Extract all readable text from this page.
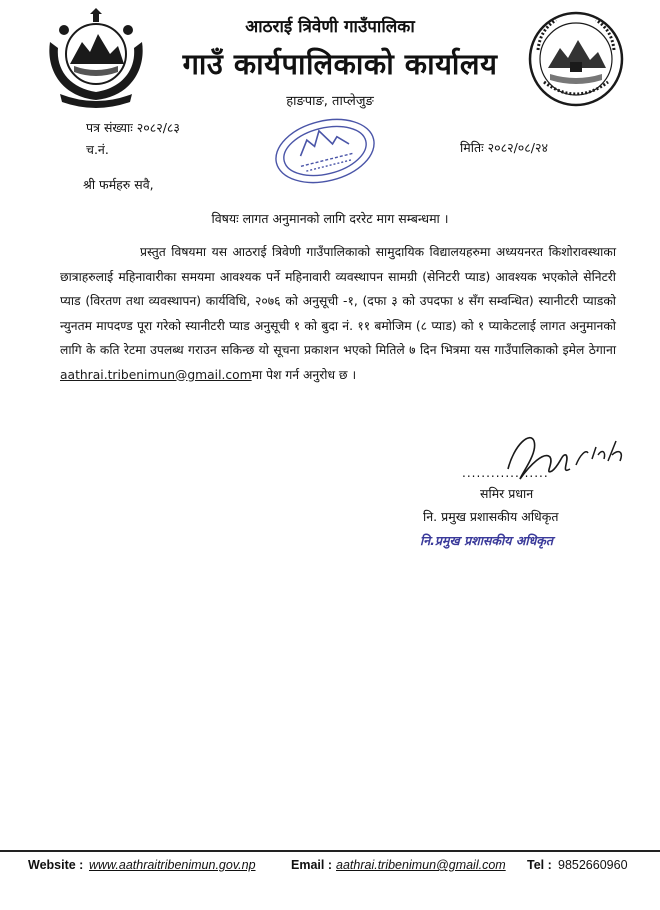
आठराई त्रिवेणी गाउँपालिका
गाउँ कार्यपालिकाको कार्यालय
हाङपाङ, ताप्लेजुङ
पत्र संख्याः २०८२/८३
च.नं.	मितिः २०८२/०८/२४
श्री फर्महरु सवै,
विषयः लागत अनुमानको लागि दररेट माग सम्बन्धमा ।
प्रस्तुत विषयमा यस आठराई त्रिवेणी गाउँपालिकाको सामुदायिक विद्यालयहरुमा अध्ययनरत किशोरावस्थाका छात्राहरुलाई महिनावारीका समयमा आवश्यक पर्ने महिनावारी व्यवस्थापन सामग्री (सेनिटरी प्याड) आवश्यक भएकोले सेनिटरी प्याड (विरतण तथा व्यवस्थापन) कार्यविधि, २०७६ को अनुसूची -१, (दफा ३ को उपदफा ४ सँग सम्वन्धित) स्यानीटरी प्याडको न्युनतम मापदण्ड पूरा गरेको स्यानीटरी प्याड अनुसूची १ को बुदा नं. ११ बमोजिम (८ प्याड) को १ प्याकेटलाई लागत अनुमानको लागि के कति रेटमा उपलब्ध गराउन सकिन्छ यो सूचना प्रकाशन भएको मितिले ७ दिन भित्रमा यस गाउँपालिकाको इमेल ठेगाना aathrai.tribenimun@gmail.comमा पेश गर्न अनुरोध छ ।
..................
समिर प्रधान
नि. प्रमुख प्रशासकीय अधिकृत
नि.प्रमुख प्रशासकीय अधिकृत
Website : www.aathraitribenimun.gov.np	Email : aathrai.tribenimun@gmail.com Tel : 9852660960
